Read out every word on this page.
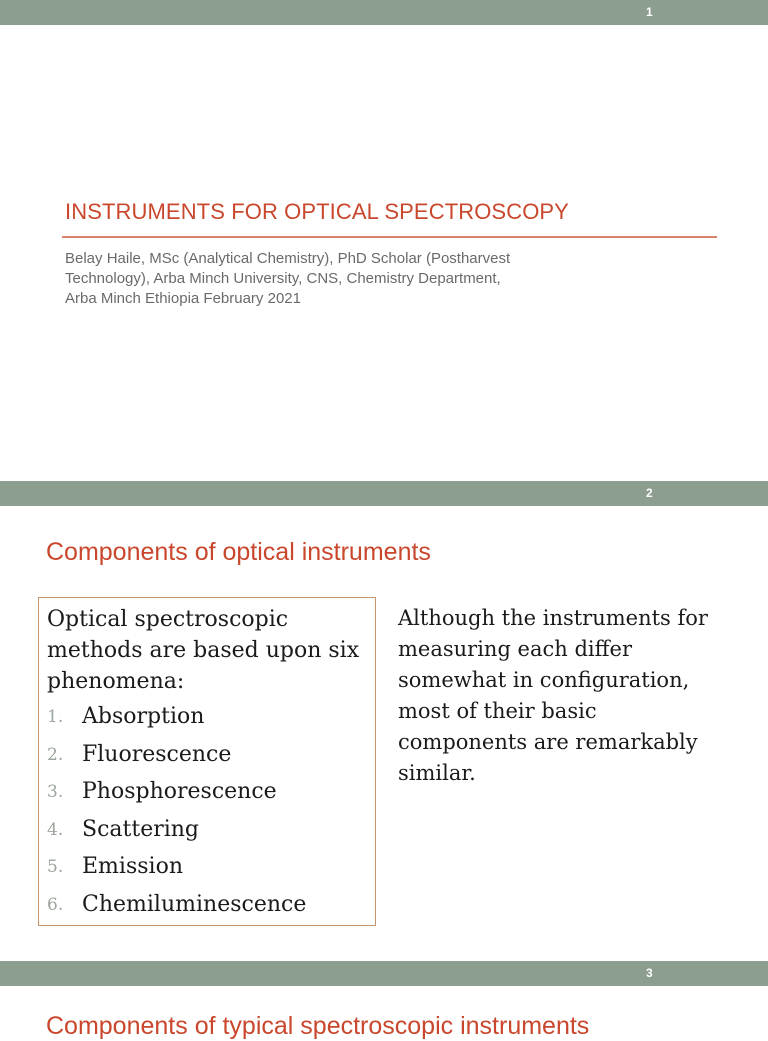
1
INSTRUMENTS FOR OPTICAL SPECTROSCOPY
Belay Haile, MSc (Analytical Chemistry), PhD Scholar (Postharvest
Technology), Arba Minch University, CNS, Chemistry Department,
Arba Minch Ethiopia February 2021
2
Components of optical instruments
Optical spectroscopic
methods are based upon six
phenomena:
1. Absorption
2. Fluorescence
3. Phosphorescence
4. Scattering
5. Emission
6. Chemiluminescence
Although the instruments for
measuring each differ
somewhat in configuration,
most of their basic
components are remarkably
similar.
3
Components of typical spectroscopic instruments
